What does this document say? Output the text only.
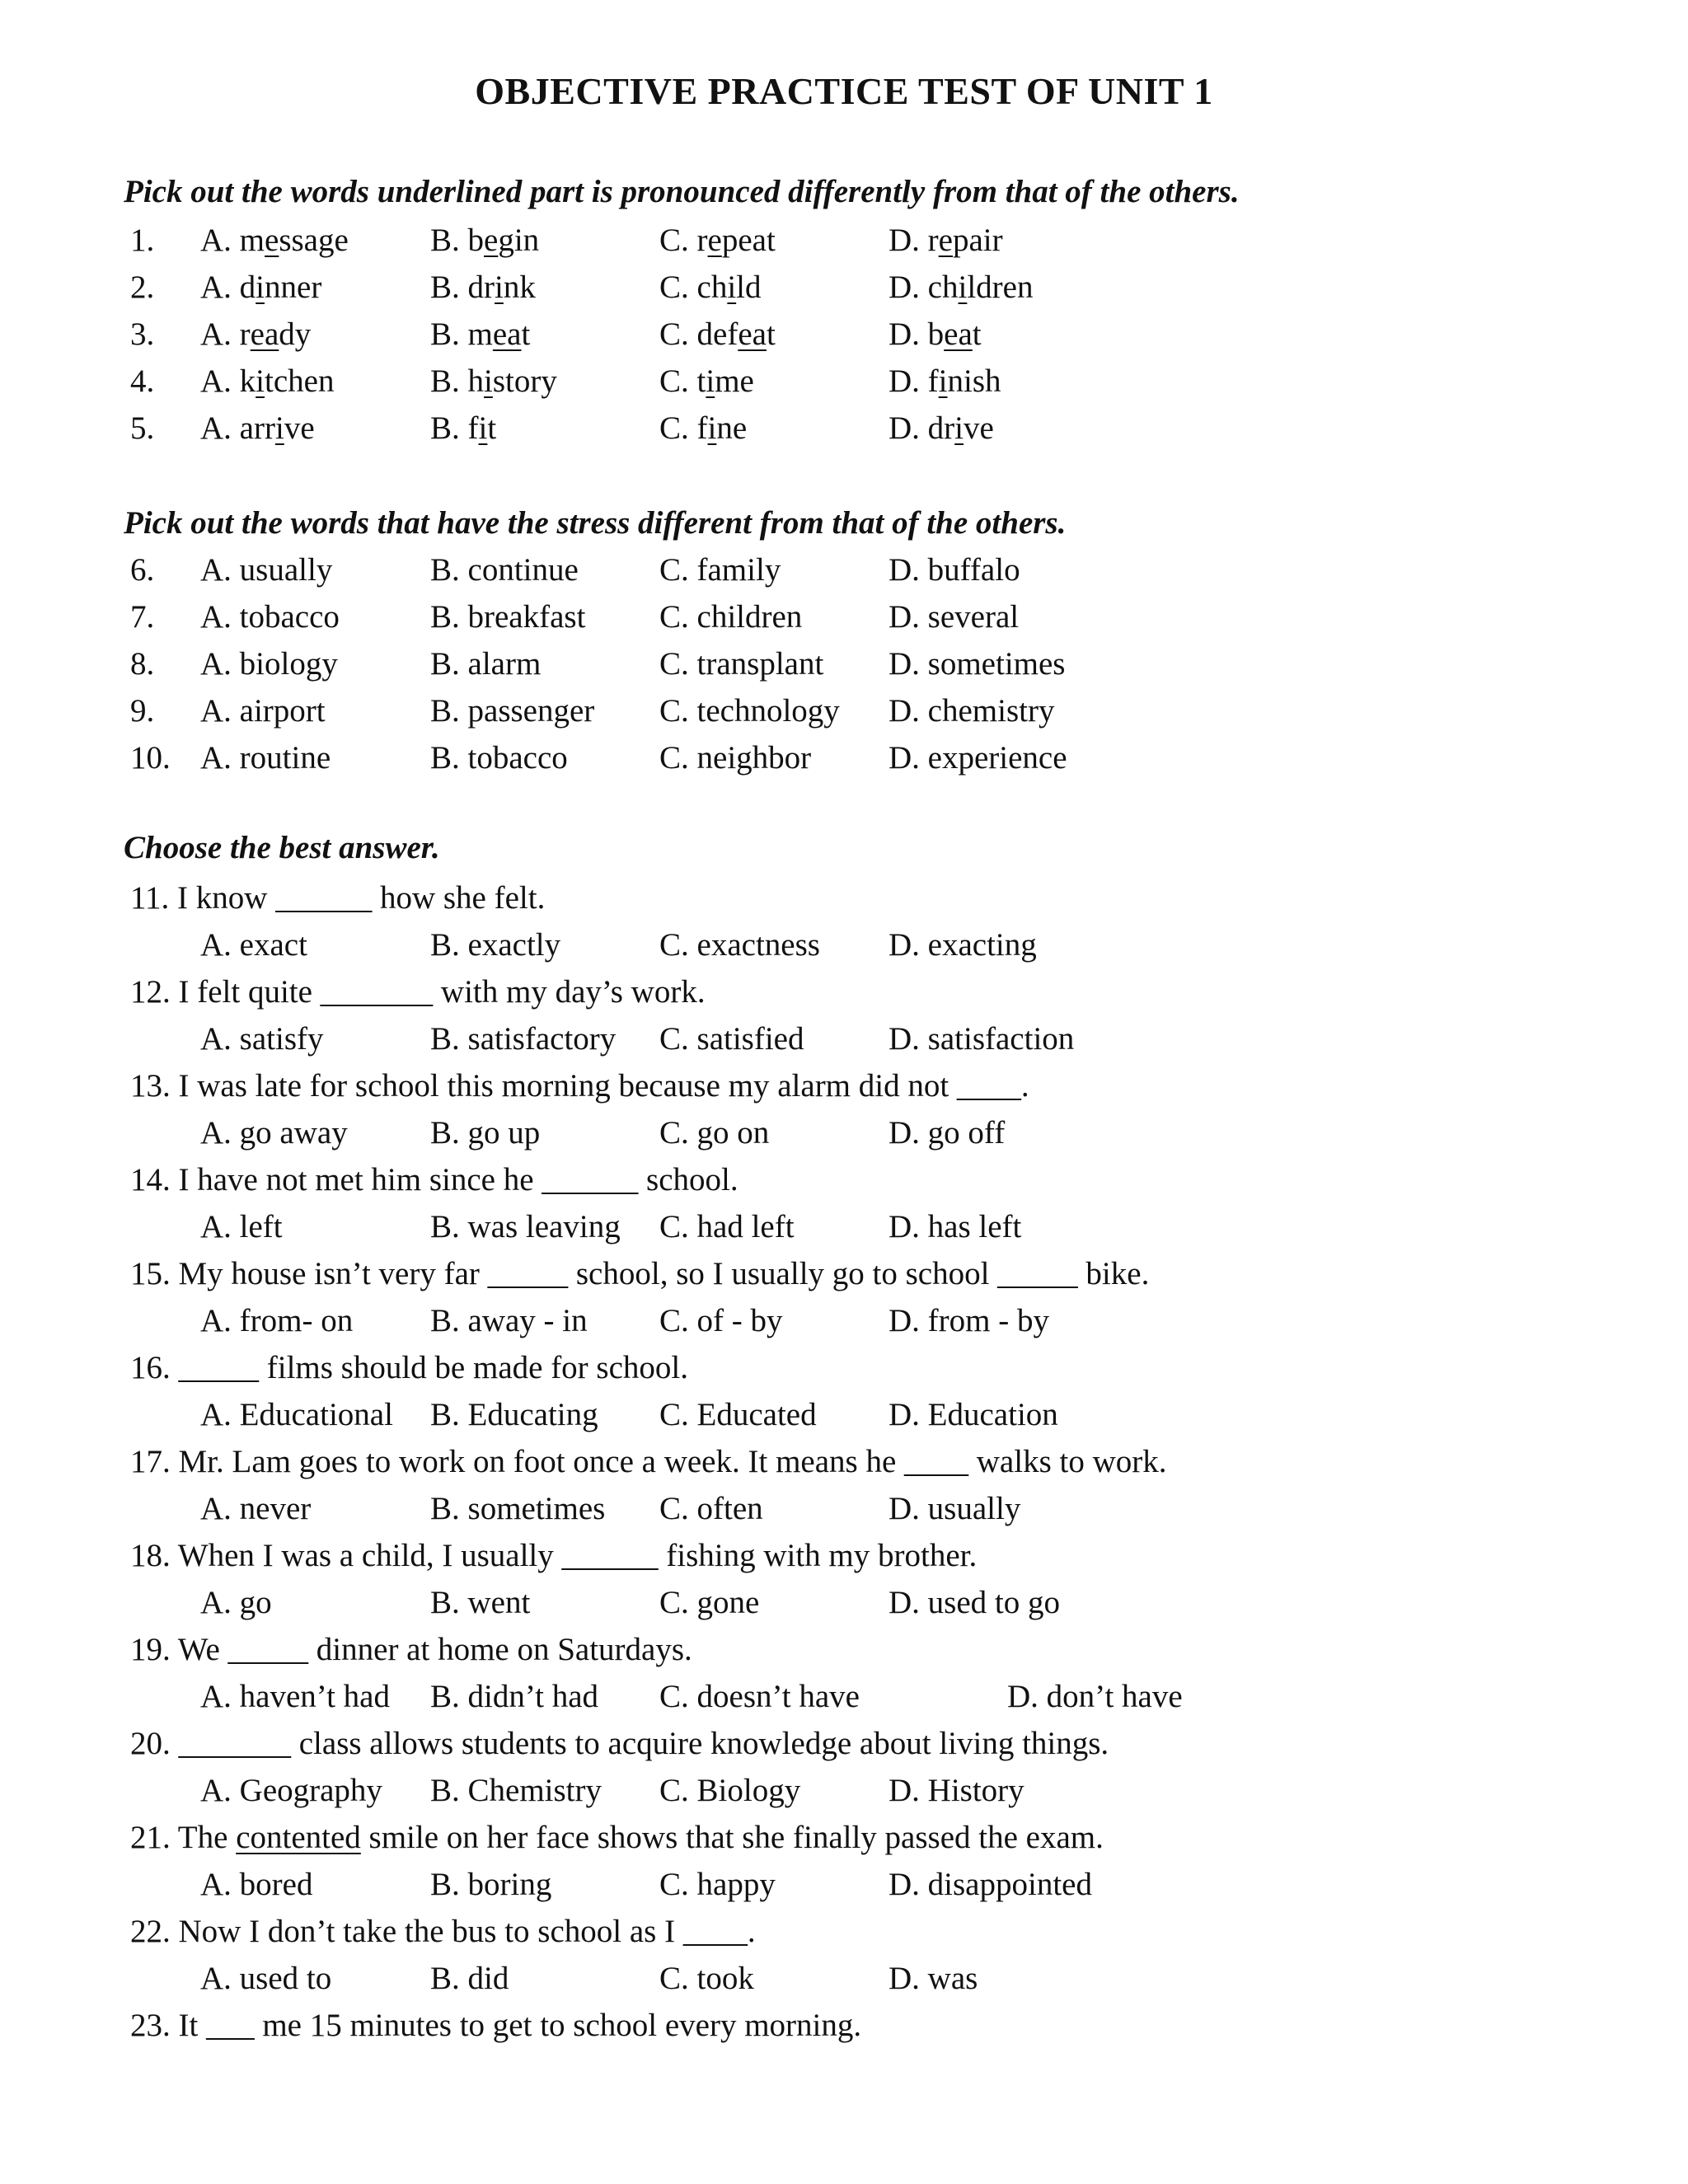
OBJECTIVE PRACTICE TEST OF UNIT 1
Pick out the words underlined part is pronounced differently from that of the others.
1. A. message	B. begin	C. repeat	D. repair
2. A. dinner	B. drink	C. child	D. children
3. A. ready	B. meat	C. defeat	D. beat
4. A. kitchen	B. history	C. time	D. finish
5. A. arrive	B. fit	C. fine	D. drive
Pick out the words that have the stress different from that of the others.
6. A. usually	B. continue	C. family	D. buffalo
7. A. tobacco	B. breakfast C. children	D. several
8. A. biology	B. alarm	C. transplant D. sometimes
9. A. airport	B. passenger C. technology D. chemistry
10. A. routine	B. tobacco	C. neighbor D. experience
Choose the best answer.
11. I know ______ how she felt.
A. exact	B. exactly	C. exactness D. exacting
12. I felt quite _______ with my day’s work.
A. satisfy	B. satisfactory C. satisfied	D. satisfaction
13. I was late for school this morning because my alarm did not ____.
A. go away	B. go up	C. go on	D. go off
14. I have not met him since he ______ school.
A. left	B. was leaving C. had left	D. has left
15. My house isn’t very far _____ school, so I usually go to school _____ bike.
A. from- on B. away - in C. of - by	D. from - by
16. _____ films should be made for school.
A. Educational B. Educating C. Educated D. Education
17. Mr. Lam goes to work on foot once a week. It means he ____ walks to work.
A. never	B. sometimes C. often	D. usually
18. When I was a child, I usually ______ fishing with my brother.
A. go	B. went	C. gone	D. used to go
19. We _____ dinner at home on Saturdays.
A. haven’t had B. didn’t had C. doesn’t have	D. don’t have
20. _______ class allows students to acquire knowledge about living things.
A. Geography B. Chemistry C. Biology	D. History
21. The contented smile on her face shows that she finally passed the exam.
A. bored	B. boring	C. happy	D. disappointed
22. Now I don’t take the bus to school as I ____.
A. used to	B. did	C. took	D. was
23. It ___ me 15 minutes to get to school every morning.
